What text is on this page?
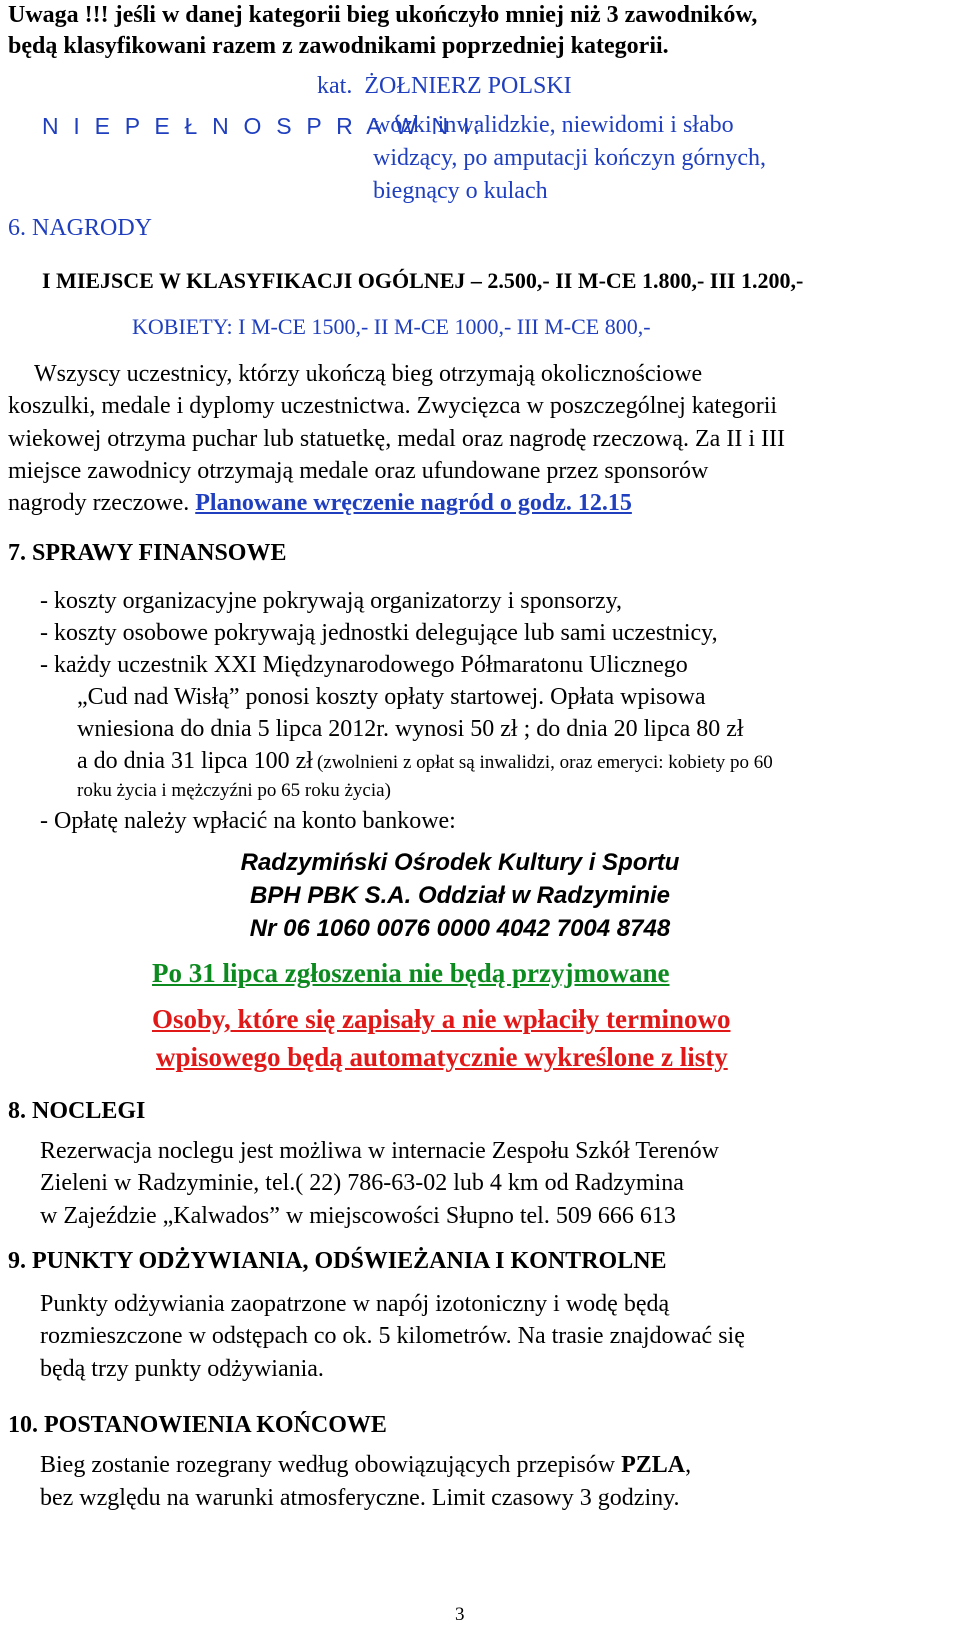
Uwaga !!! jeśli w danej kategorii bieg ukończyło mniej niż 3 zawodników,
będą klasyfikowani razem z zawodnikami poprzedniej kategorii.
kat. ŻOŁNIERZ POLSKI
N I E P E Ł N O S P R A W N I:
wózki inwalidzkie, niewidomi i słabo
widzący, po amputacji kończyn górnych,
biegnący o kulach
6. NAGRODY
I MIEJSCE W KLASYFIKACJI OGÓLNEJ – 2.500,- II M-CE 1.800,- III 1.200,-
KOBIETY: I M-CE 1500,- II M-CE 1000,- III M-CE 800,-
Wszyscy uczestnicy, którzy ukończą bieg otrzymają okolicznościowe
koszulki, medale i dyplomy uczestnictwa. Zwycięzca w poszczególnej kategorii
wiekowej otrzyma puchar lub statuetkę, medal oraz nagrodę rzeczową. Za II i III
miejsce zawodnicy otrzymają medale oraz ufundowane przez sponsorów
nagrody rzeczowe. Planowane wręczenie nagród o godz. 12.15
7. SPRAWY FINANSOWE
- koszty organizacyjne pokrywają organizatorzy i sponsorzy,
- koszty osobowe pokrywają jednostki delegujące lub sami uczestnicy,
- każdy uczestnik XXI Międzynarodowego Półmaratonu Ulicznego
„Cud nad Wisłą” ponosi koszty opłaty startowej. Opłata wpisowa
wniesiona do dnia 5 lipca 2012r. wynosi 50 zł ; do dnia 20 lipca 80 zł
a do dnia 31 lipca 100 zł (zwolnieni z opłat są inwalidzi, oraz emeryci: kobiety po 60
roku życia i mężczyźni po 65 roku życia)
- Opłatę należy wpłacić na konto bankowe:
Radzymiński Ośrodek Kultury i Sportu
BPH PBK S.A. Oddział w Radzyminie
Nr 06 1060 0076 0000 4042 7004 8748
Po 31 lipca zgłoszenia nie będą przyjmowane
Osoby, które się zapisały a nie wpłaciły terminowo
wpisowego będą automatycznie wykreślone z listy
8. NOCLEGI
Rezerwacja noclegu jest możliwa w internacie Zespołu Szkół Terenów
Zieleni w Radzyminie, tel.( 22) 786-63-02 lub 4 km od Radzymina
w Zajeździe „Kalwados” w miejscowości Słupno tel. 509 666 613
9. PUNKTY ODŻYWIANIA, ODŚWIEŻANIA I KONTROLNE
Punkty odżywiania zaopatrzone w napój izotoniczny i wodę będą
rozmieszczone w odstępach co ok. 5 kilometrów. Na trasie znajdować się
będą trzy punkty odżywiania.
10. POSTANOWIENIA KOŃCOWE
Bieg zostanie rozegrany według obowiązujących przepisów PZLA,
bez względu na warunki atmosferyczne. Limit czasowy 3 godziny.
3
